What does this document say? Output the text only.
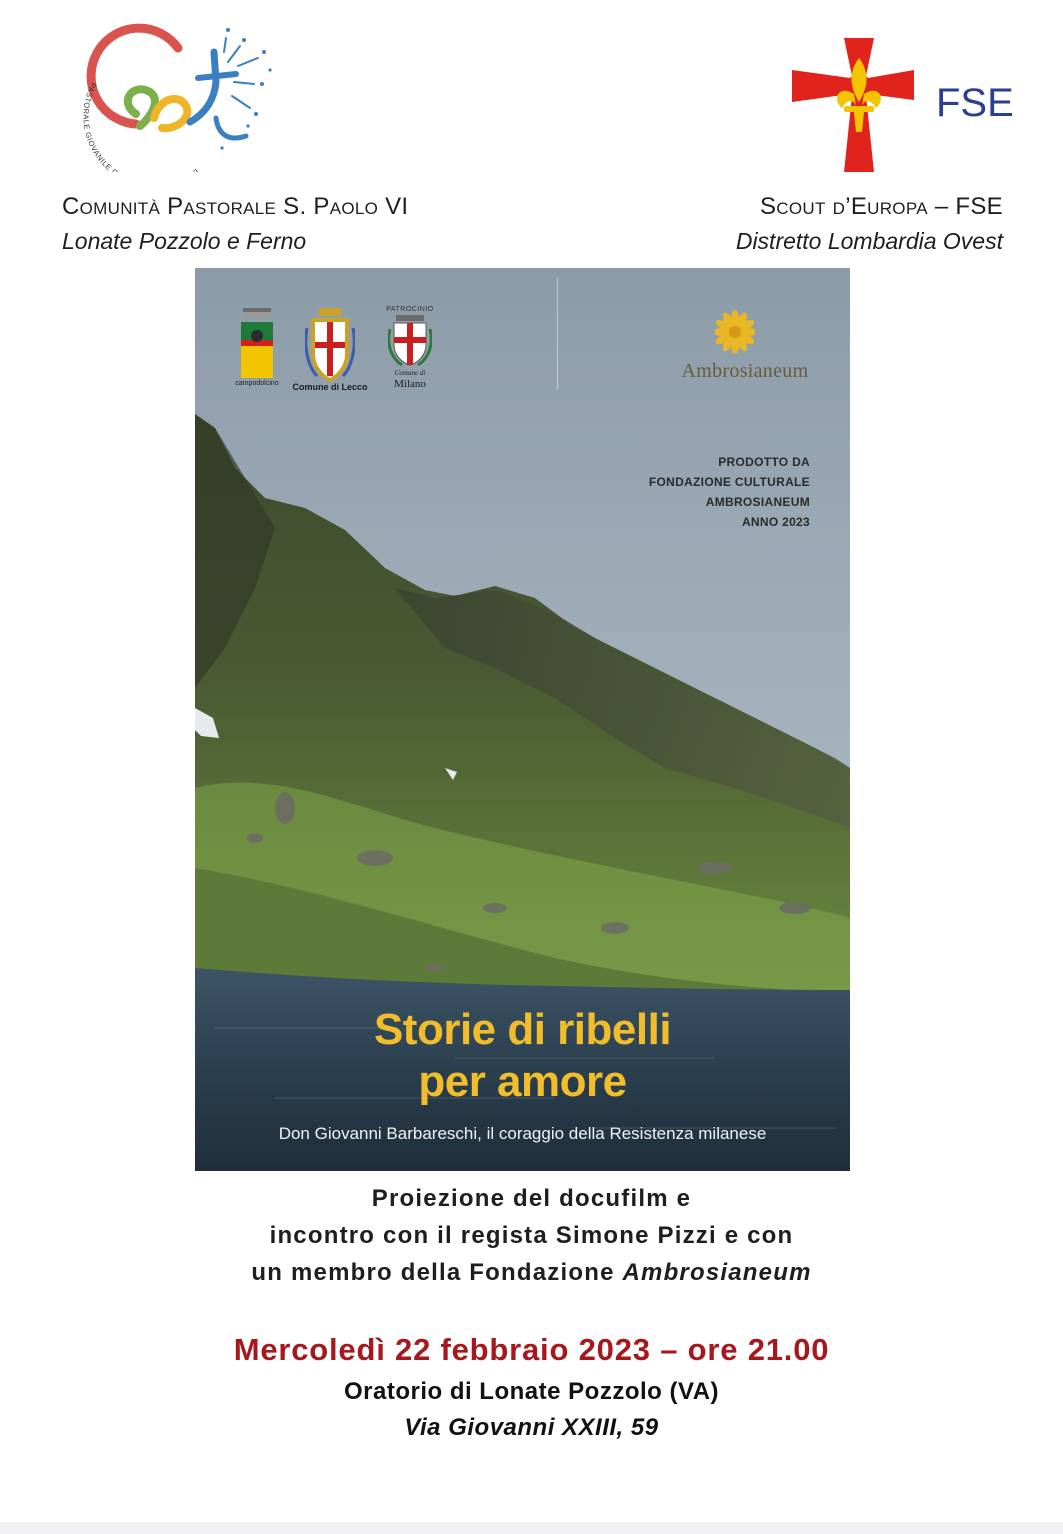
PASTORALE GIOVANILE I
FSE
Comunità Pastorale S. Paolo VI
Lonate Pozzolo e Ferno
Scout d’Europa – FSE
Distretto Lombardia Ovest
campodolcino	Comune di Lecco
PATROCINIO
Comune di
Milano
Ambrosianeum
PRODOTTO DA
FONDAZIONE CULTURALE
AMBROSIANEUM
ANNO 2023
Storie di ribelli
per amore
Don Giovanni Barbareschi, il coraggio della Resistenza milanese
Proiezione del docufilm e
incontro con il regista Simone Pizzi e con
un membro della Fondazione Ambrosianeum
Mercoledì 22 febbraio 2023 – ore 21.00
Oratorio di Lonate Pozzolo (VA)
Via Giovanni XXIII, 59
